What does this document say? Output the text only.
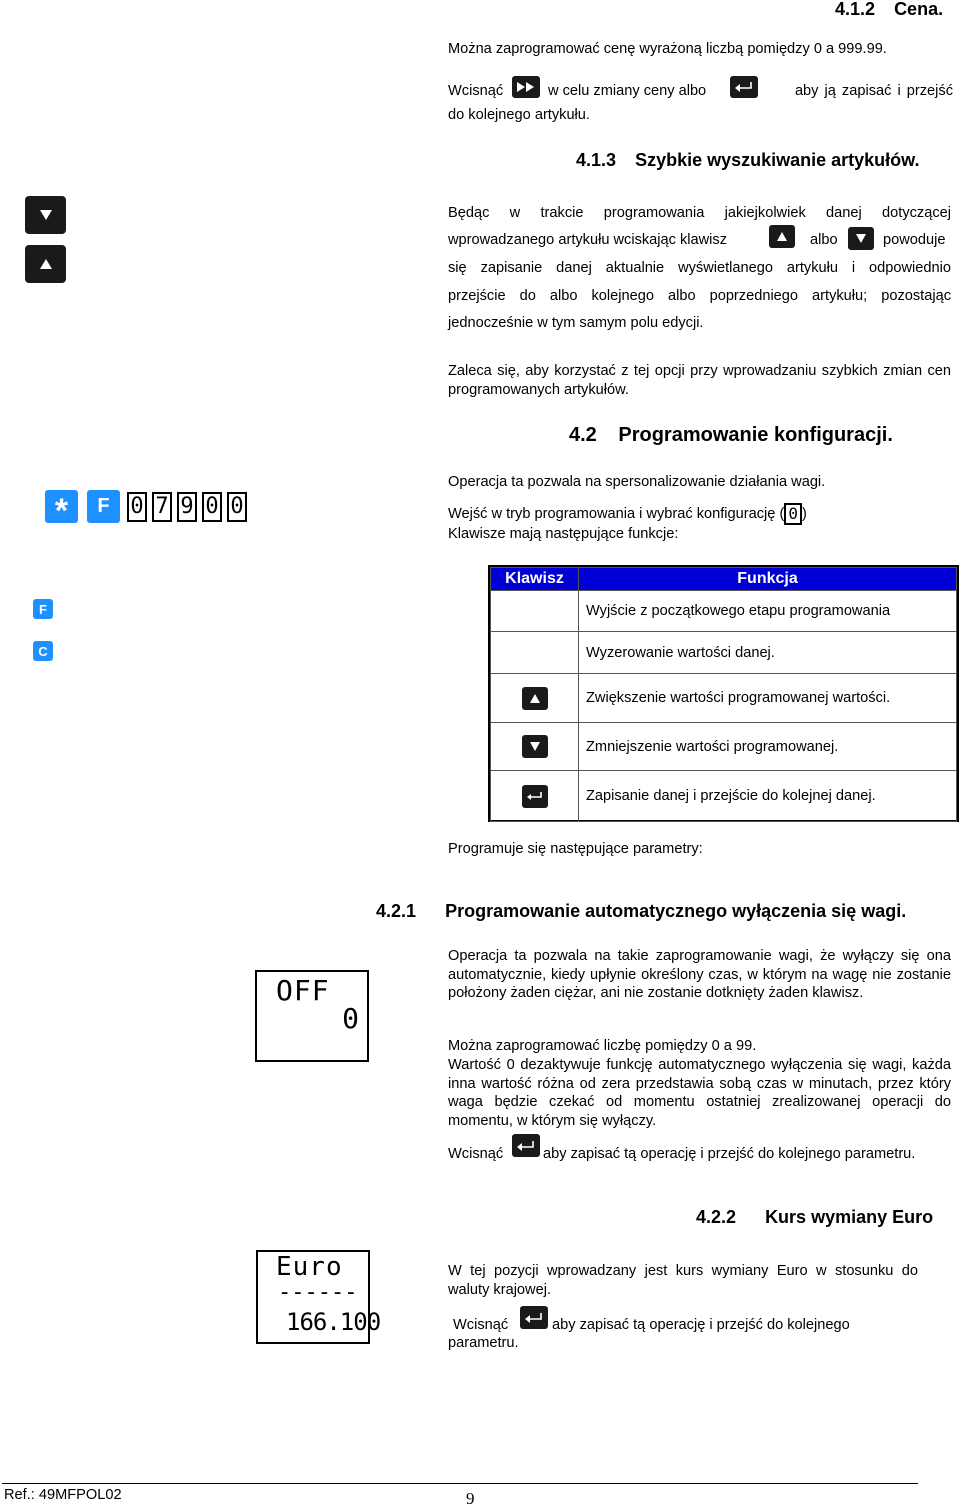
4.1.2 Cena.

Można zaprogramować cenę wyrażoną liczbą pomiędzy 0 a 999.99.

Wcisnąć	w celu zmiany ceny albo	aby ją zapisać i przejść
do kolejnego artykułu.
4.1.3 Szybkie wyszukiwanie artykułów.
Będąc w trakcie programowania jakiejkolwiek danej dotyczącej
wprowadzanego artykułu wciskając klawisz	albo	powoduje
się zapisanie danej aktualnie wyświetlanego artykułu i odpowiednio
przejście do albo kolejnego albo poprzedniego artykułu; pozostając
jednocześnie w tym samym polu edycji.

Zaleca się, aby korzystać z tej opcji przy wprowadzaniu szybkich zmian cen programowanych artykułów.

4.2 Programowanie konfiguracji.
*	F 0 7 9 0 0
Operacja ta pozwala na spersonalizowanie działania wagi.
Wejść w tryb programowania i wybrać konfigurację ( 0 )
Klawisze mają następujące funkcje:
F
C
Klawisz	Funkcja
	Wyjście z początkowego etapu programowania
	Wyzerowanie wartości danej.

	Zwiększenie wartości programowanej wartości.

	Zmniejszenie wartości programowanej.

	Zapisanie danej i przejście do kolejnej danej.
Programuje się następujące parametry:
4.2.1 Programowanie automatycznego wyłączenia się wagi.
OFF
0

Operacja ta pozwala na takie zaprogramowanie wagi, że wyłączy się ona automatycznie, kiedy upłynie określony czas, w którym na wagę nie zostanie położony żaden ciężar, ani nie zostanie dotknięty żaden klawisz.

Można zaprogramować liczbę pomiędzy 0 a 99.

Wartość 0 dezaktywuje funkcję automatycznego wyłączenia się wagi, każda inna wartość różna od zera przedstawia sobą czas w minutach, przez który waga będzie czekać od momentu ostatniej zrealizowanej operacji do momentu, w którym się wyłączy.

Wcisnąć	aby zapisać tą operację i przejść do kolejnego parametru.
4.2.2 Kurs wymiany Euro
Euro
------
166.100

W tej pozycji wprowadzany jest kurs wymiany Euro w stosunku do waluty krajowej.

Wcisnąć	aby zapisać tą operację i przejść do kolejnego
parametru.
Ref.: 49MFPOL02	9
